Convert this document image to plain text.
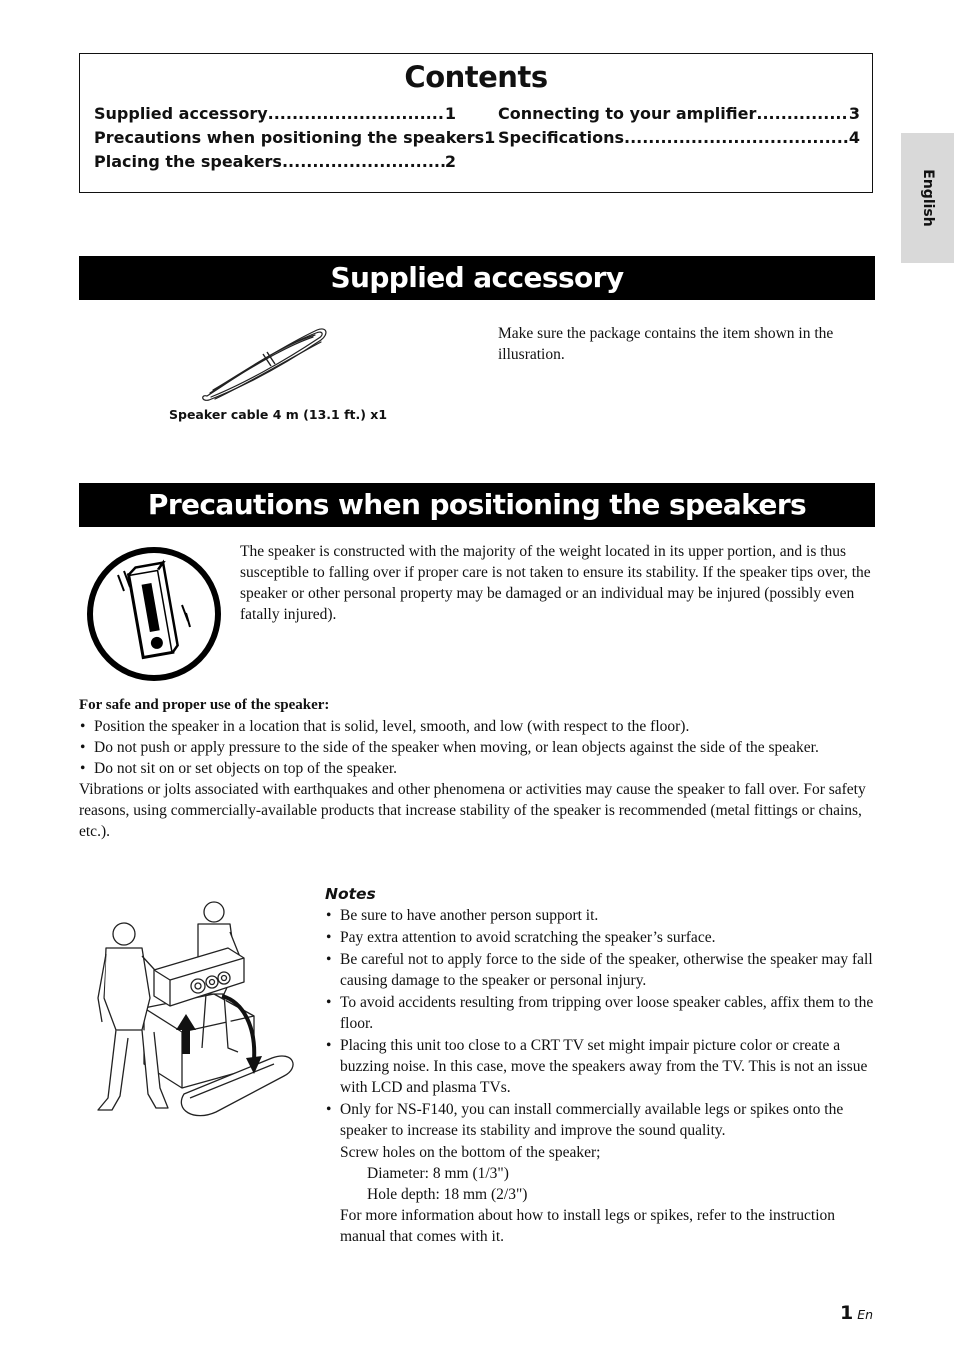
Contents
Supplied accessory .....	1
Precautions when positioning the speakers 1
Placing the speakers .....	2
Connecting to your amplifier .....	3
Specifications .....	4
English
Supplied accessory
Speaker cable 4 m (13.1 ft.) x1
Make sure the package contains the item shown in the illusration.
Precautions when positioning the speakers
The speaker is constructed with the majority of the weight located in its upper portion, and is thus susceptible to falling over if proper care is not taken to ensure its stability. If the speaker tips over, the speaker or other personal property may be damaged or an individual may be injured (possibly even fatally injured).
For safe and proper use of the speaker:
• Position the speaker in a location that is solid, level, smooth, and low (with respect to the floor).
• Do not push or apply pressure to the side of the speaker when moving, or lean objects against the side of the speaker.
• Do not sit on or set objects on top of the speaker.

Vibrations or jolts associated with earthquakes and other phenomena or activities may cause the speaker to fall over. For safety reasons, using commercially-available products that increase stability of the speaker is recommended (metal fittings or chains, etc.).

Notes
• Be sure to have another person support it.
• Pay extra attention to avoid scratching the speaker’s surface.
• Be careful not to apply force to the side of the speaker, otherwise the speaker may fall causing damage to the speaker or personal injury.
• To avoid accidents resulting from tripping over loose speaker cables, affix them to the floor.
• Placing this unit too close to a CRT TV set might impair picture color or create a buzzing noise. In this case, move the speakers away from the TV. This is not an issue with LCD and plasma TVs.
• Only for NS-F140, you can install commercially available legs or spikes onto the speaker to increase its stability and improve the sound quality.
Screw holes on the bottom of the speaker;
Diameter: 8 mm (1/3")
Hole depth: 18 mm (2/3")
For more information about how to install legs or spikes, refer to the instruction manual that comes with it.
1 En
